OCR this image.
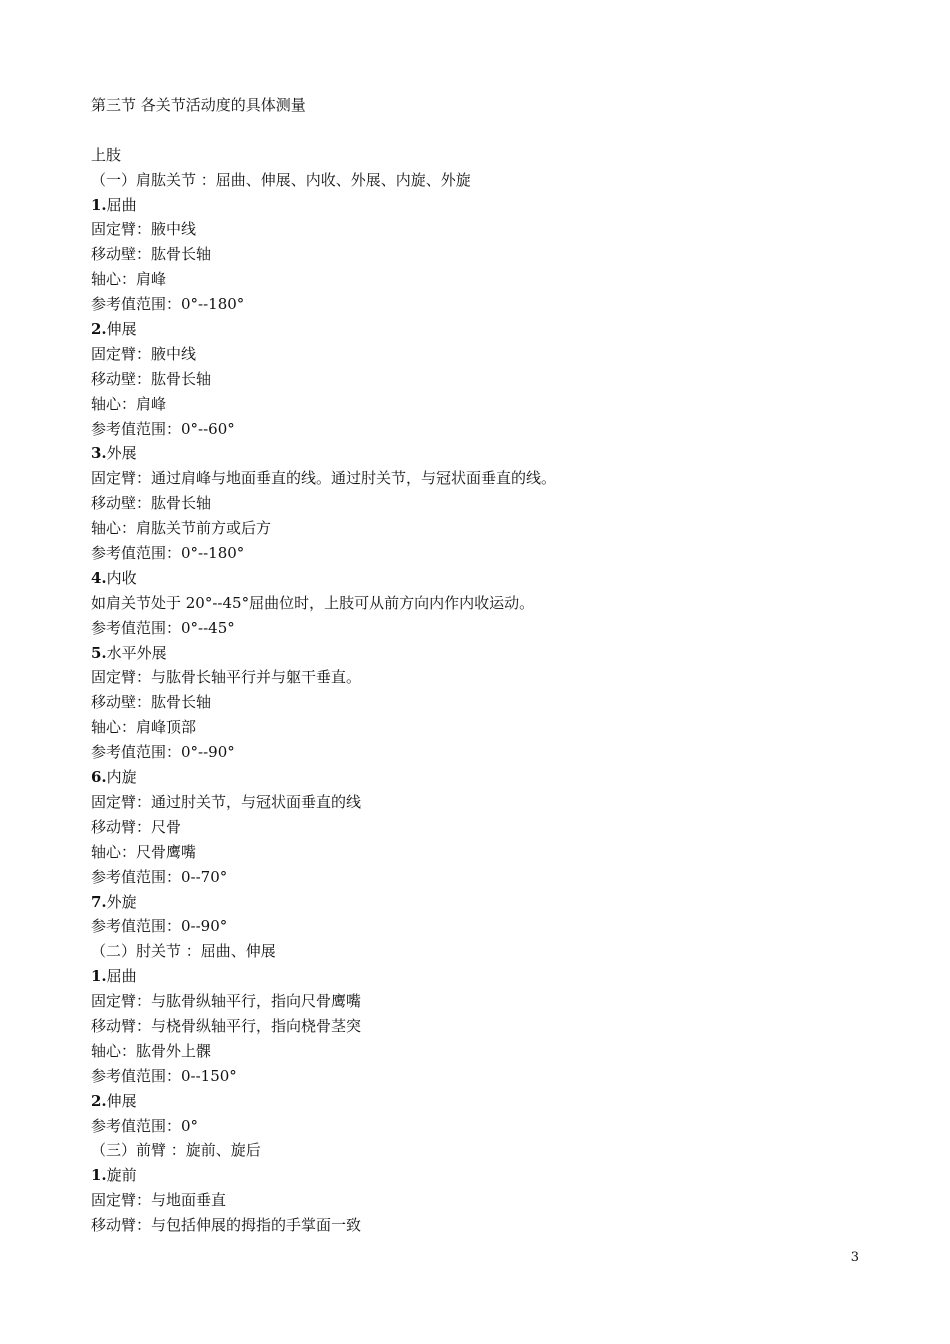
第三节 各关节活动度的具体测量
上肢
（一）肩肱关节 ：屈曲、伸展、内收、外展、内旋、外旋
1.屈曲
固定臂：腋中线
移动壁：肱骨长轴
轴心：肩峰
参考值范围：0°--180°
2.伸展
固定臂：腋中线
移动壁：肱骨长轴
轴心：肩峰
参考值范围：0°--60°
3.外展
固定臂：通过肩峰与地面垂直的线。通过肘关节，与冠状面垂直的线。
移动壁：肱骨长轴
轴心：肩肱关节前方或后方
参考值范围：0°--180°
4.内收
如肩关节处于 20°--45°屈曲位时，上肢可从前方向内作内收运动。
参考值范围：0°--45°
5.水平外展
固定臂：与肱骨长轴平行并与躯干垂直。
移动壁：肱骨长轴
轴心：肩峰顶部
参考值范围：0°--90°
6.内旋
固定臂：通过肘关节，与冠状面垂直的线
移动臂：尺骨
轴心：尺骨鹰嘴
参考值范围：0--70°
7.外旋
参考值范围：0--90°
（二）肘关节 ：屈曲、伸展
1.屈曲
固定臂：与肱骨纵轴平行，指向尺骨鹰嘴
移动臂：与桡骨纵轴平行，指向桡骨茎突
轴心：肱骨外上髁
参考值范围：0--150°
2.伸展
参考值范围：0°
（三）前臂 ：旋前、旋后
1.旋前
固定臂：与地面垂直
移动臂：与包括伸展的拇指的手掌面一致
3
